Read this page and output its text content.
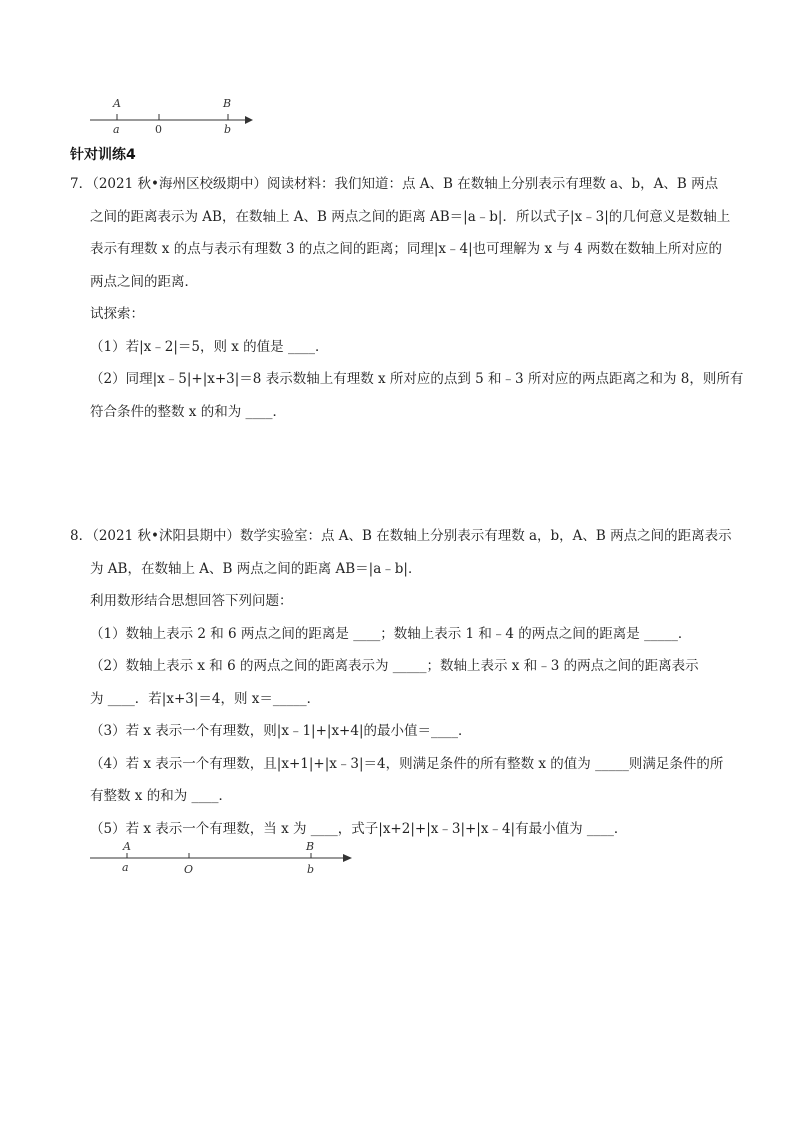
A	B
a	0	b
针对训练4
7．（2021 秋•海州区校级期中）阅读材料：我们知道：点 A、B 在数轴上分别表示有理数 a、b，A、B 两点
之间的距离表示为 AB，在数轴上 A、B 两点之间的距离 AB＝|a﹣b|．所以式子|x﹣3|的几何意义是数轴上
表示有理数 x 的点与表示有理数 3 的点之间的距离；同理|x﹣4|也可理解为 x 与 4 两数在数轴上所对应的
两点之间的距离．
试探索：
（1）若|x﹣2|＝5，则 x 的值是 ____．
（2）同理|x﹣5|+|x+3|＝8 表示数轴上有理数 x 所对应的点到 5 和﹣3 所对应的两点距离之和为 8，则所有
符合条件的整数 x 的和为 ____．
8．（2021 秋•沭阳县期中）数学实验室：点 A、B 在数轴上分别表示有理数 a，b，A、B 两点之间的距离表示
为 AB，在数轴上 A、B 两点之间的距离 AB＝|a﹣b|．
利用数形结合思想回答下列问题：
（1）数轴上表示 2 和 6 两点之间的距离是 ____；数轴上表示 1 和﹣4 的两点之间的距离是 _____．
（2）数轴上表示 x 和 6 的两点之间的距离表示为 _____；数轴上表示 x 和﹣3 的两点之间的距离表示
为 ____．若|x+3|＝4，则 x＝_____．
（3）若 x 表示一个有理数，则|x﹣1|+|x+4|的最小值＝____．
（4）若 x 表示一个有理数，且|x+1|+|x﹣3|＝4，则满足条件的所有整数 x 的值为 _____则满足条件的所
有整数 x 的和为 ____．
（5）若 x 表示一个有理数，当 x 为 ____，式子|x+2|+|x﹣3|+|x﹣4|有最小值为 ____．
A	B
a	O	b
